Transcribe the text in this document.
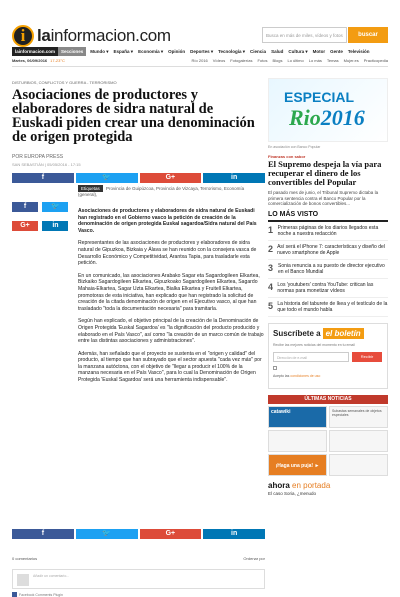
i lainformacion.com	Busca en más de miles, vídeos y fotos	buscar
lainformacion.com	Secciones	Mundo ▾ España ▾ Economía ▾ Opinión Deportes ▾ Tecnología ▾ Ciencia Salud Cultura ▾ Motor Gente Televisión
Martes, 06/09/2016 17-23°C	Río 2016 Vídeos Fotogalerías Fotos Blogs Lo último Lo más Temas Mujer.es Practicopedia
DISTURBIOS, CONFLICTOS Y GUERRA - TERRORISMO
Asociaciones de productores y elaboradores de sidra natural de Euskadi piden crear una denominación de origen protegida
POR EUROPA PRESS
SAN SEBASTIÁN | 05/05/2016 - 17:15
f	🐦	G+	in
f	🐦 G+	in
Etiquetas Provincia de Guipúzcoa, Provincia de Vizcaya, Terrorismo, Economía (general),

Asociaciones de productores y elaboradores de sidra natural de Euskadi han registrado en el Gobierno vasco la petición de creación de la denominación de origen protegida Euskal sagardoa/Sidra natural del País Vasco.

Representantes de las asociaciones de productores y elaboradores de sidra natural de Gipuzkoa, Bizkaia y Álava se han reunido con la consejera vasca de Desarrollo Económico y Competitividad, Arantxa Tapia, para trasladarle esta petición.

En un comunicado, las asociaciones Arabako Sagar eta Sagardogileen Elkartea, Bizkaiko Sagardogileen Elkartea, Gipuzkoako Sagardogileen Elkartea, Sagardo Mahaia-Elkartea, Sagar Uzta Elkartea, Bialka Elkartea y Fruitell Elkartea, promotoras de esta iniciativa, han explicado que han registrado la solicitud de creación de la citada denominación de origen en el Ejecutivo vasco, al que han trasladado "toda la documentación necesaria" para tramitarla.

Según han explicado, el objetivo principal de la creación de la Denominación de Origen Protegida 'Euskal Sagardoa' es "la dignificación del producto producido y elaborado en el País Vasco", así como "la creación de un marco común de trabajo entre las distintas asociaciones y administraciones".

Además, han señalado que el proyecto se sustenta en el "origen y calidad" del producto, al tiempo que han subrayado que el sector apuesta "cada vez más" por la manzana autóctona, con el objetivo de "llegar a producir el 100% de la manzana necesaria en el País Vasco", para lo cual la Denominación de Origen Protegida 'Euskal Sagardoa' será una herramienta indispensable".

f	🐦	G+	in
0 comentarios	Ordenar por
Añadir un comentario...
Facebook Comments Plugin
ESPECIAL
Rio2016
En asociación con Banco Popular
Finanzas con sabor
El Supremo despeja la vía para recuperar el dinero de los convertibles del Popular
El pasado mes de junio, el Tribunal Supremo dictaba la primera sentencia contra el Banco Popular por la comercialización de bonos convertibles...
LO MÁS VISTO
1 Primeras páginas de los diarios llegados esta noche a nuestra redacción
2 Así será el iPhone 7: características y diseño del nuevo smartphone de Apple
3	Sonia renuncia a su puesto de director ejecutivo en el Banco Mundial
4 Los 'youtubers' contra YouTube: critican las normas para monetizar vídeos
5 La historia del taburete de Ikea y el testículo de la que todo el mundo habla
Suscríbete a el boletín
Recibe las mejores noticias del momento en tu email
Dirección de e-mail	Recibir
Acepto las condiciones de uso
ÚLTIMAS NOTICIAS
catawiki	Subastas semanales de objetos especiales
¡Haga una puja! ►
ahora en portada
El caso Soria, ¿menudo
